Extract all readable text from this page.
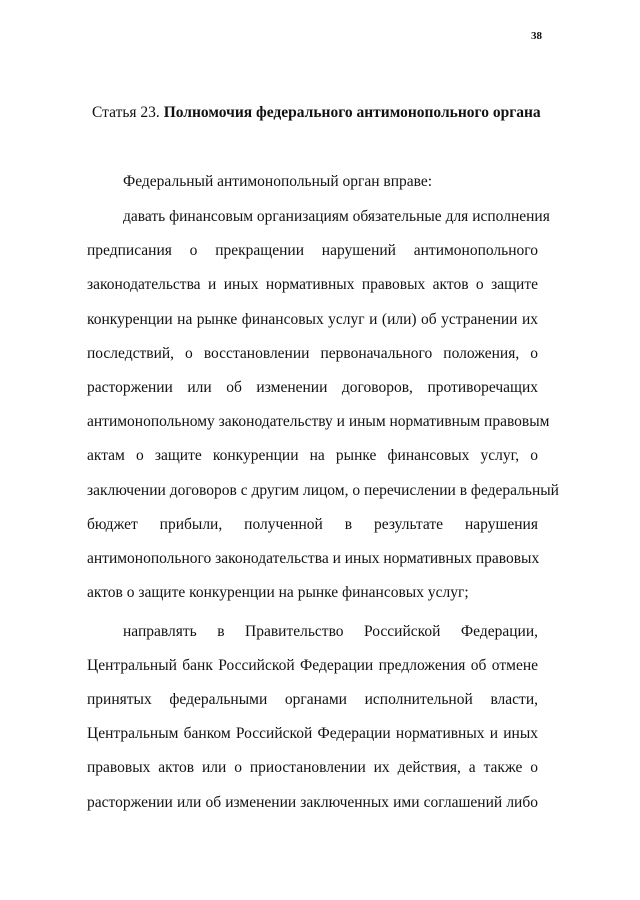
38
Статья 23. Полномочия федерального антимонопольного органа
Федеральный антимонопольный орган вправе:
давать финансовым организациям обязательные для исполнения
предписания о прекращении нарушений антимонопольного
законодательства и иных нормативных правовых актов о защите
конкуренции на рынке финансовых услуг и (или) об устранении их
последствий, о восстановлении первоначального положения, о
расторжении или об изменении договоров, противоречащих
антимонопольному законодательству и иным нормативным правовым
актам о защите конкуренции на рынке финансовых услуг, о
заключении договоров с другим лицом, о перечислении в федеральный
бюджет прибыли, полученной в результате нарушения
антимонопольного законодательства и иных нормативных правовых
актов о защите конкуренции на рынке финансовых услуг;
направлять в Правительство Российской Федерации,
Центральный банк Российской Федерации предложения об отмене
принятых федеральными органами исполнительной власти,
Центральным банком Российской Федерации нормативных и иных
правовых актов или о приостановлении их действия, а также о
расторжении или об изменении заключенных ими соглашений либо
